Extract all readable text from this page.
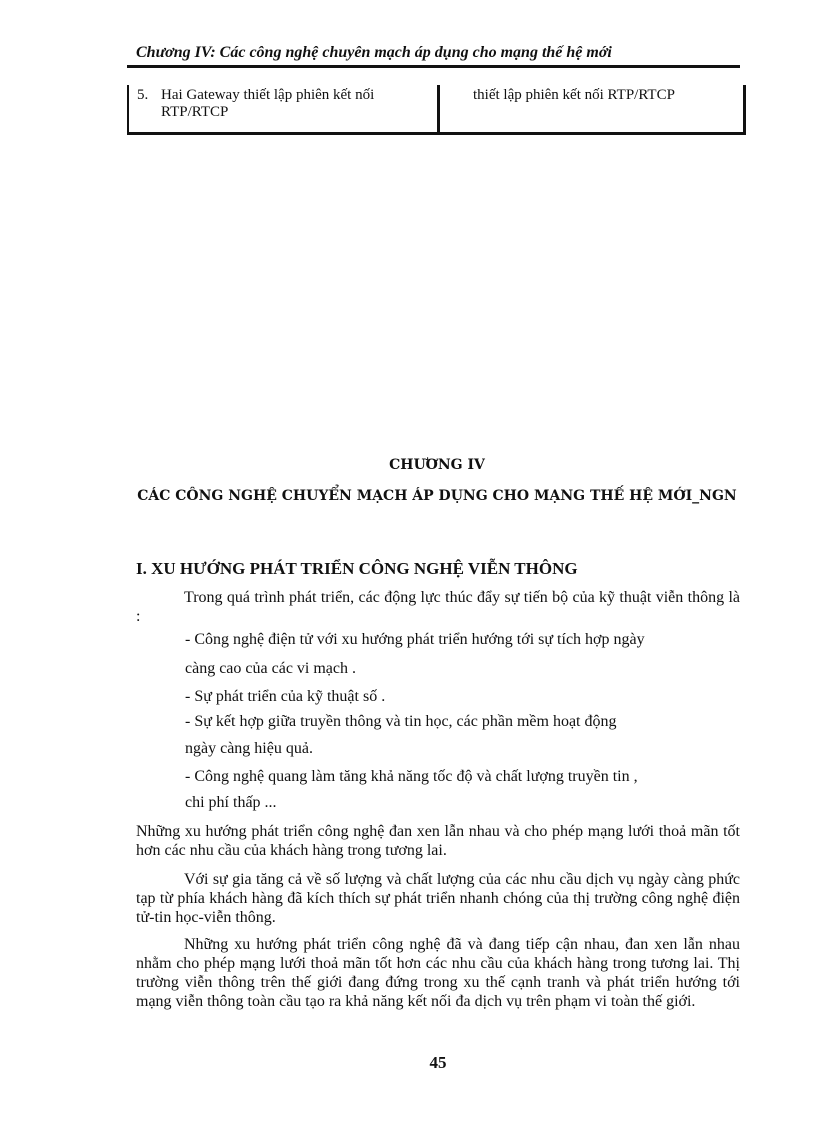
Chương IV: Các công nghệ chuyên mạch áp dụng cho mạng thế hệ mới
5. Hai Gateway thiết lập phiên kết nối RTP/RTCP
thiết lập phiên kết nối RTP/RTCP
CHƯƠNG IV
CÁC CÔNG NGHỆ CHUYỂN MẠCH ÁP DỤNG CHO MẠNG THẾ HỆ MỚI_NGN
I. XU HƯỚNG PHÁT TRIỂN CÔNG NGHỆ VIỄN THÔNG
Trong quá trình phát triển, các động lực thúc đẩy sự tiến bộ của kỹ thuật viễn thông là :
- Công nghệ điện tử với xu hướng phát triển hướng tới sự tích hợp ngày
càng cao của các vi mạch .
- Sự phát triển của kỹ thuật số .
- Sự kết hợp giữa truyền thông và tin học, các phần mềm hoạt động
ngày càng hiệu quả.
- Công nghệ quang làm tăng khả năng tốc độ và chất lượng truyền tin ,
chi phí thấp ...
Những xu hướng phát triển công nghệ đan xen lẫn nhau và cho phép mạng lưới thoả mãn tốt hơn các nhu cầu của khách hàng trong tương lai.
Với sự gia tăng cả về số lượng và chất lượng của các nhu cầu dịch vụ ngày càng phức tạp từ phía khách hàng đã kích thích sự phát triển nhanh chóng của thị trường công nghệ điện tử-tin học-viễn thông.
Những xu hướng phát triển công nghệ đã và đang tiếp cận nhau, đan xen lẫn nhau nhằm cho phép mạng lưới thoả mãn tốt hơn các nhu cầu của khách hàng trong tương lai. Thị trường viễn thông trên thế giới đang đứng trong xu thế cạnh tranh và phát triển hướng tới mạng viễn thông toàn cầu tạo ra khả năng kết nối đa dịch vụ trên phạm vi toàn thế giới.
45
